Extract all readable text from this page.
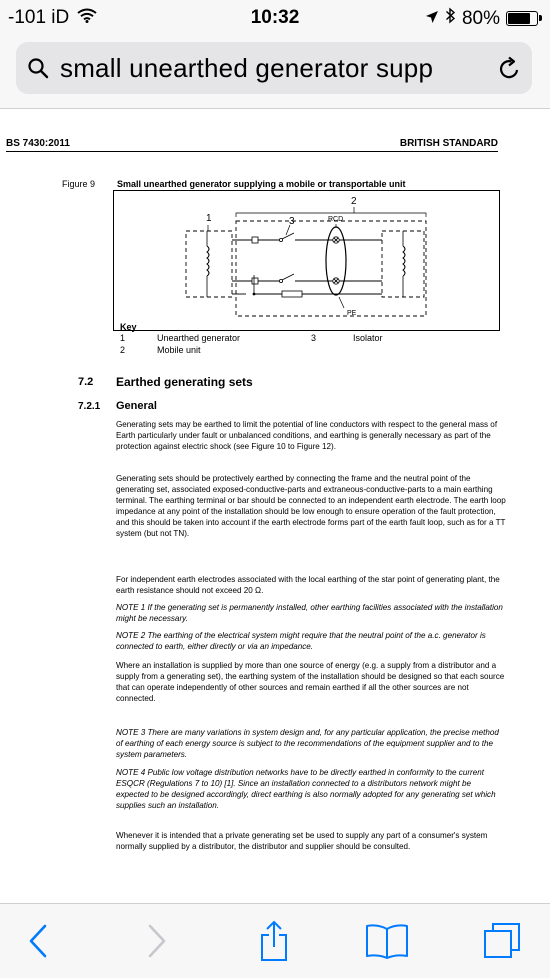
-101 iD	10:32	80%
small unearthed generator supp
BS 7430:2011	BRITISH STANDARD
Figure 9 Small unearthed generator supplying a mobile or transportable unit
1
2
3	RCD
PE
Key
1	Unearthed generator	3	Isolator
2	Mobile unit
7.2 Earthed generating sets
7.2.1 General
Generating sets may be earthed to limit the potential of line conductors with respect to the general mass of Earth particularly under fault or unbalanced conditions, and earthing is generally necessary as part of the protection against electric shock (see Figure 10 to Figure 12).
Generating sets should be protectively earthed by connecting the frame and the neutral point of the generating set, associated exposed-conductive-parts and extraneous-conductive-parts to a main earthing terminal. The earthing terminal or bar should be connected to an independent earth electrode. The earth loop impedance at any point of the installation should be low enough to ensure operation of the fault protection, and this should be taken into account if the earth electrode forms part of the earth fault loop, such as for a TT system (but not TN).
For independent earth electrodes associated with the local earthing of the star point of generating plant, the earth resistance should not exceed 20 Ω.
NOTE 1 If the generating set is permanently installed, other earthing facilities associated with the installation might be necessary.
NOTE 2 The earthing of the electrical system might require that the neutral point of the a.c. generator is connected to earth, either directly or via an impedance.
Where an installation is supplied by more than one source of energy (e.g. a supply from a distributor and a supply from a generating set), the earthing system of the installation should be designed so that each source that can operate independently of other sources and remain earthed if all the other sources are not connected.
NOTE 3 There are many variations in system design and, for any particular application, the precise method of earthing of each energy source is subject to the recommendations of the equipment supplier and to the system parameters.
NOTE 4 Public low voltage distribution networks have to be directly earthed in conformity to the current ESQCR (Regulations 7 to 10) [1]. Since an installation connected to a distributors network might be expected to be designed accordingly, direct earthing is also normally adopted for any generating set which supplies such an installation.
Whenever it is intended that a private generating set be used to supply any part of a consumer's system normally supplied by a distributor, the distributor and supplier should be consulted.
